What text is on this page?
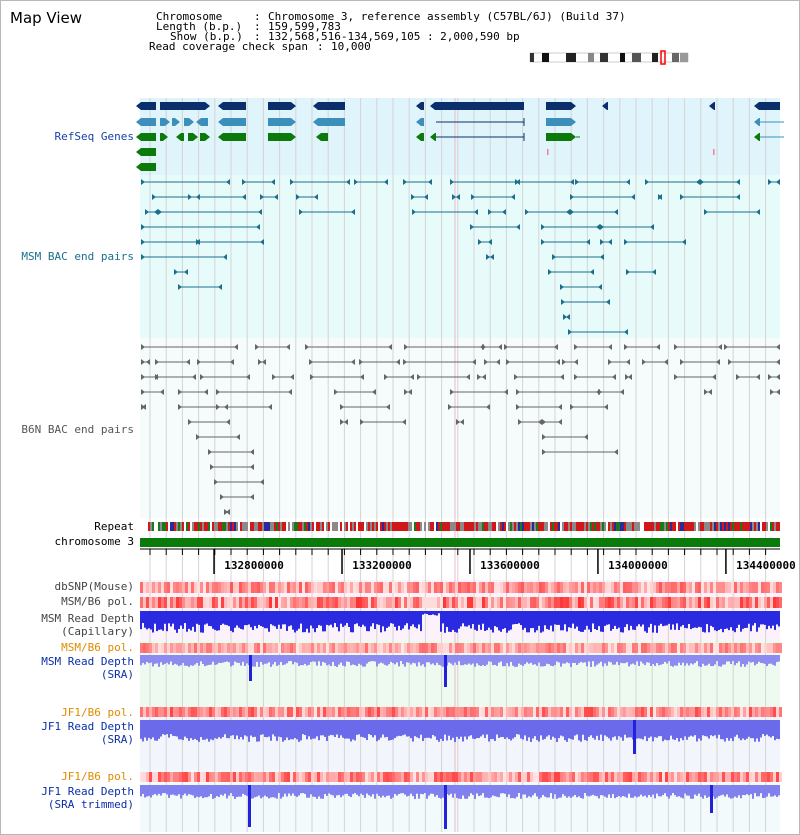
Map View	Chromosome	: Chromosome 3, reference assembly (C57BL/6J) (Build 37)
Length (b.p.) : 159,599,783
Show (b.p.) : 132,568,516-134,569,105 : 2,000,590 bp
Read coverage check span : 10,000
132800000	133200000	133600000	134000000	134400000
RefSeq Genes
MSM BAC end pairs
B6N BAC end pairs
Repeat
chromosome 3
dbSNP(Mouse)
MSM/B6 pol.
MSM Read Depth
(Capillary)
MSM/B6 pol.
MSM Read Depth
(SRA)
JF1/B6 pol.
JF1 Read Depth
(SRA)
JF1/B6 pol.
JF1 Read Depth
(SRA trimmed)
